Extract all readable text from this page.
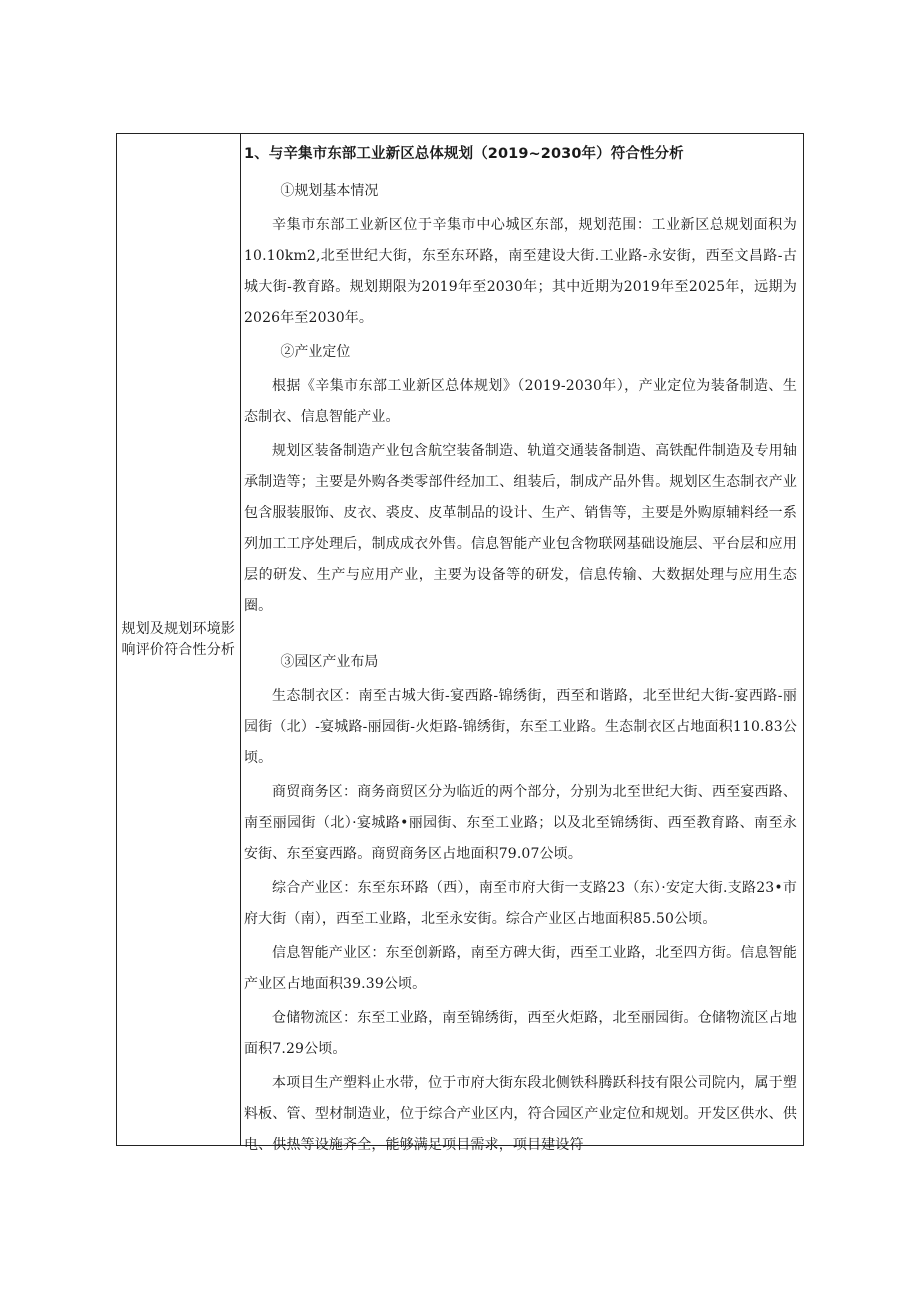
规划及规划环境影响评价符合性分析
1、与辛集市东部工业新区总体规划（2019~2030年）符合性分析
①规划基本情况
辛集市东部工业新区位于辛集市中心城区东部，规划范围：工业新区总规划面积为10.10km2,北至世纪大街，东至东环路，南至建设大街.工业路-永安街，西至文昌路-古城大街-教育路。规划期限为2019年至2030年；其中近期为2019年至2025年，远期为2026年至2030年。
②产业定位
根据《辛集市东部工业新区总体规划》（2019-2030年），产业定位为装备制造、生态制衣、信息智能产业。
规划区装备制造产业包含航空装备制造、轨道交通装备制造、高铁配件制造及专用轴承制造等；主要是外购各类零部件经加工、组装后，制成产品外售。规划区生态制衣产业包含服装服饰、皮衣、裘皮、皮革制品的设计、生产、销售等，主要是外购原辅料经一系列加工工序处理后，制成成衣外售。信息智能产业包含物联网基础设施层、平台层和应用层的研发、生产与应用产业，主要为设备等的研发，信息传输、大数据处理与应用生态圈。
③园区产业布局
生态制衣区：南至古城大街-宴西路-锦绣街，西至和谐路，北至世纪大街-宴西路-丽园街（北）-宴城路-丽园街-火炬路-锦绣街，东至工业路。生态制衣区占地面积110.83公顷。
商贸商务区：商务商贸区分为临近的两个部分，分别为北至世纪大街、西至宴西路、南至丽园街（北）·宴城路•丽园街、东至工业路；以及北至锦绣街、西至教育路、南至永安街、东至宴西路。商贸商务区占地面积79.07公顷。
综合产业区：东至东环路（西），南至市府大街一支路23（东）·安定大街.支路23•市府大街（南），西至工业路，北至永安街。综合产业区占地面积85.50公顷。
信息智能产业区：东至创新路，南至方碑大街，西至工业路，北至四方街。信息智能产业区占地面积39.39公顷。
仓储物流区：东至工业路，南至锦绣街，西至火炬路，北至丽园街。仓储物流区占地面积7.29公顷。
本项目生产塑料止水带，位于市府大街东段北侧铁科腾跃科技有限公司院内，属于塑料板、管、型材制造业，位于综合产业区内，符合园区产业定位和规划。开发区供水、供电、供热等设施齐全，能够满足项目需求，项目建设符
